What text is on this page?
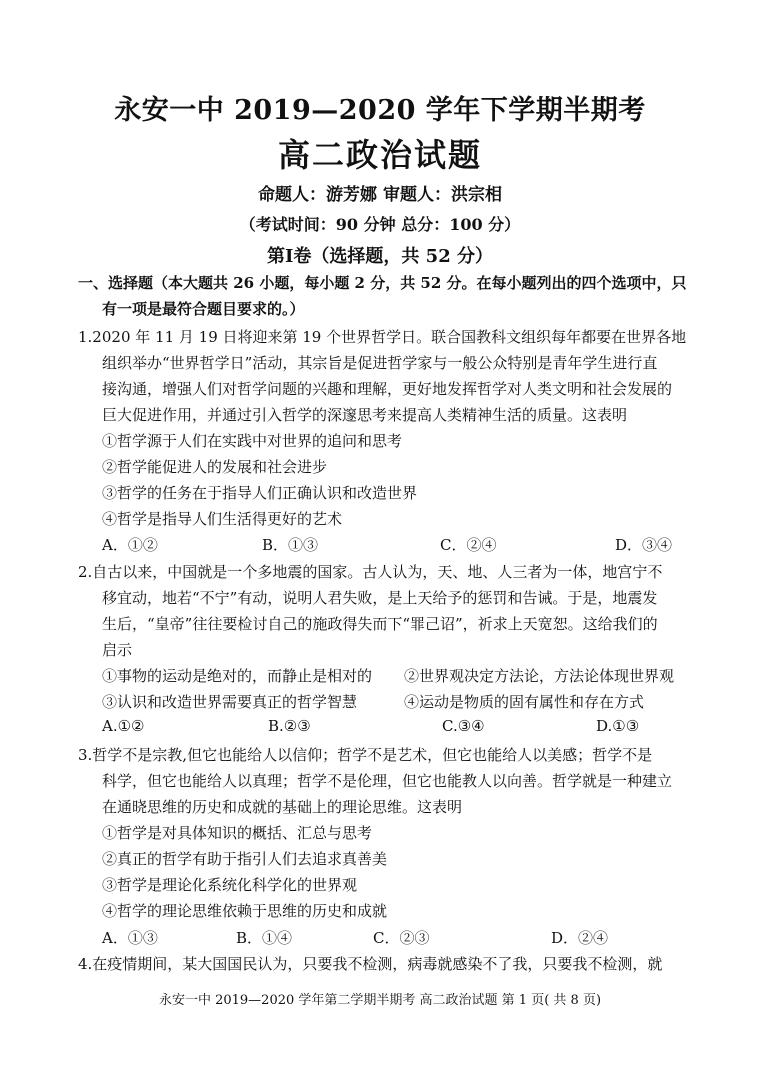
永安一中 2019—2020 学年下学期半期考
高二政治试题
命题人：游芳娜 审题人：洪宗相
（考试时间：90 分钟 总分：100 分）
第Ⅰ卷（选择题，共 52 分）
一、选择题（本大题共 26 小题，每小题 2 分，共 52 分。在每小题列出的四个选项中，只
有一项是最符合题目要求的。）
1.2020 年 11 月 19 日将迎来第 19 个世界哲学日。联合国教科文组织每年都要在世界各地
组织举办“世界哲学日”活动，其宗旨是促进哲学家与一般公众特别是青年学生进行直
接沟通，增强人们对哲学问题的兴趣和理解，更好地发挥哲学对人类文明和社会发展的
巨大促进作用，并通过引入哲学的深邃思考来提高人类精神生活的质量。这表明
①哲学源于人们在实践中对世界的追问和思考
②哲学能促进人的发展和社会进步
③哲学的任务在于指导人们正确认识和改造世界
④哲学是指导人们生活得更好的艺术
A．①②	B．①③	C．②④	D．③④
2.自古以来，中国就是一个多地震的国家。古人认为，天、地、人三者为一体，地宫宁不
移宜动，地若“不宁”有动，说明人君失败，是上天给予的惩罚和告诫。于是，地震发
生后，“皇帝”往往要检讨自己的施政得失而下“罪己诏”，祈求上天宽恕。这给我们的
启示
①事物的运动是绝对的，而静止是相对的 ②世界观决定方法论，方法论体现世界观
③认识和改造世界需要真正的哲学智慧	④运动是物质的固有属性和存在方式
A.①②	B.②③	C.③④	D.①③
3.哲学不是宗教,但它也能给人以信仰；哲学不是艺术，但它也能给人以美感；哲学不是
科学，但它也能给人以真理；哲学不是伦理，但它也能教人以向善。哲学就是一种建立
在通晓思维的历史和成就的基础上的理论思维。这表明
①哲学是对具体知识的概括、汇总与思考
②真正的哲学有助于指引人们去追求真善美
③哲学是理论化系统化科学化的世界观
④哲学的理论思维依赖于思维的历史和成就
A．①③	B．①④	C．②③	D．②④
4.在疫情期间，某大国国民认为，只要我不检测，病毒就感染不了我，只要我不检测，就
永安一中 2019—2020 学年第二学期半期考 高二政治试题 第 1 页( 共 8 页)
